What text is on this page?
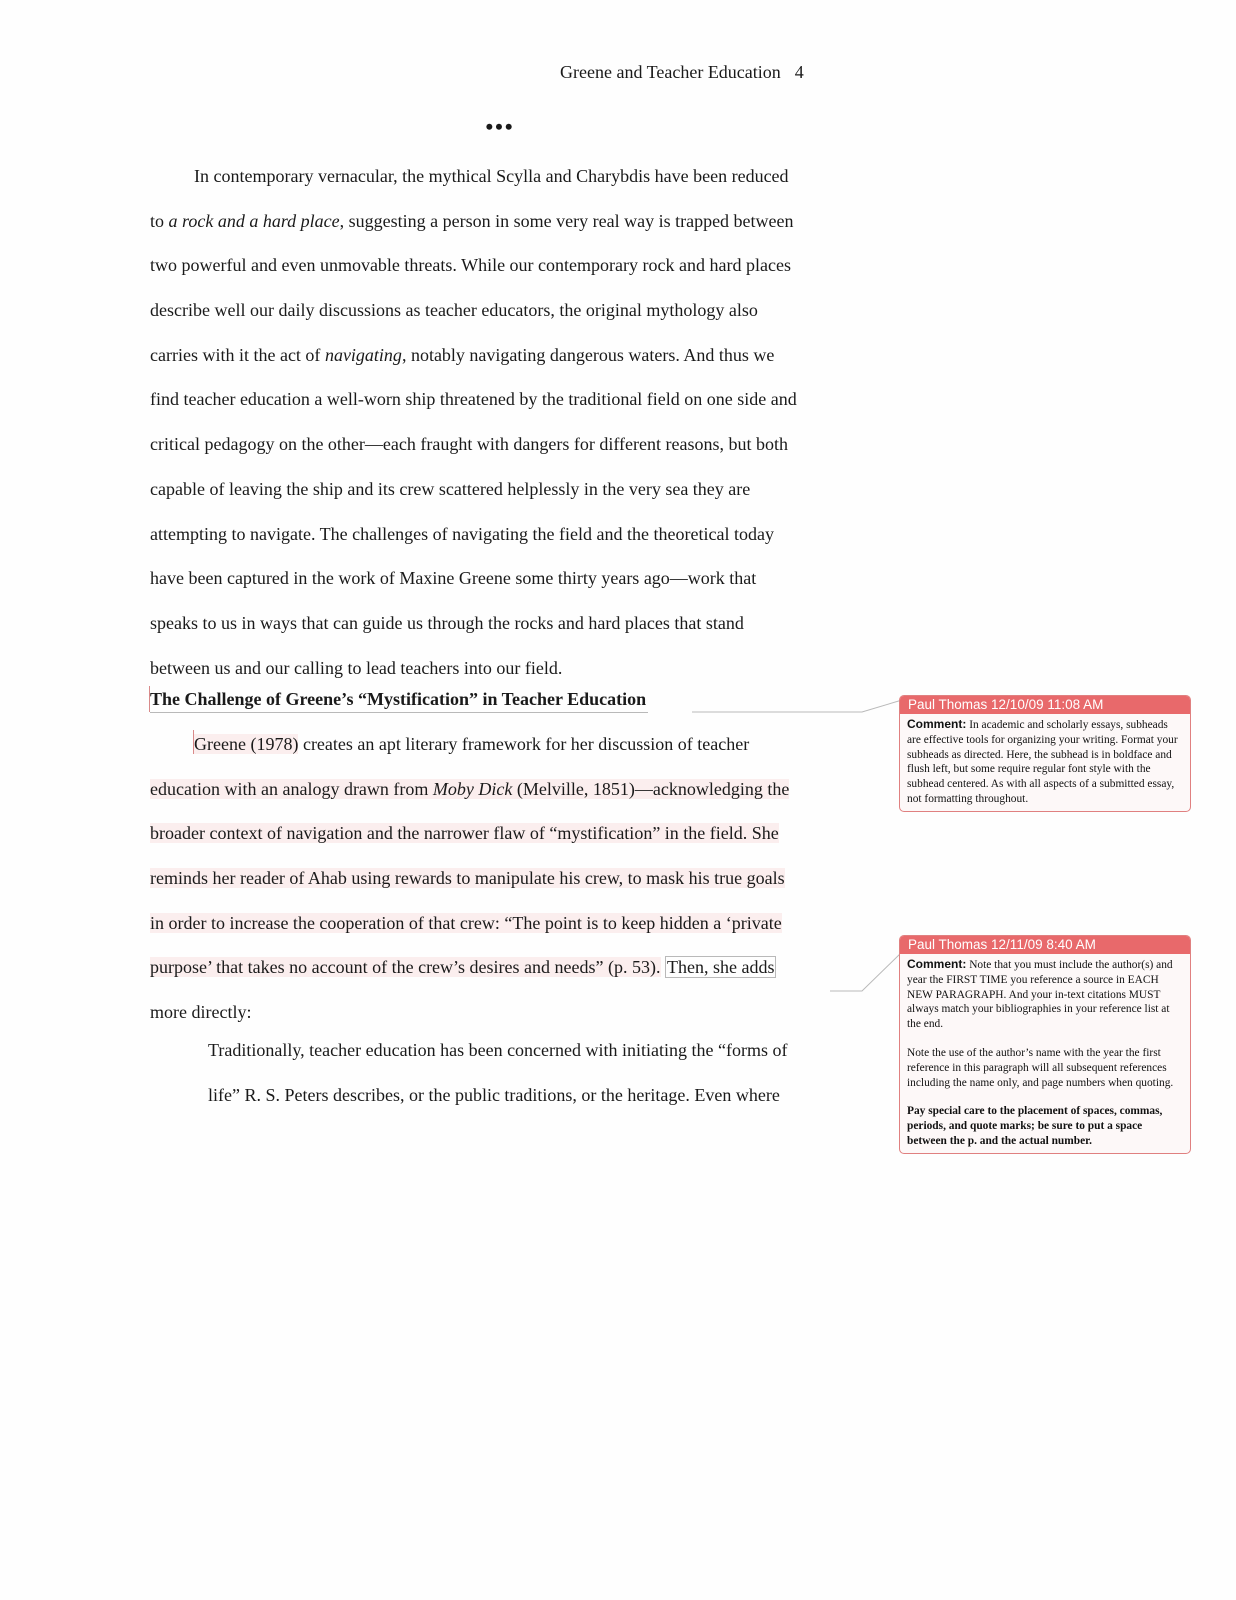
Greene and Teacher Education 4
•••
In contemporary vernacular, the mythical Scylla and Charybdis have been reduced
to a rock and a hard place, suggesting a person in some very real way is trapped between
two powerful and even unmovable threats. While our contemporary rock and hard places
describe well our daily discussions as teacher educators, the original mythology also
carries with it the act of navigating, notably navigating dangerous waters. And thus we
find teacher education a well-worn ship threatened by the traditional field on one side and
critical pedagogy on the other—each fraught with dangers for different reasons, but both
capable of leaving the ship and its crew scattered helplessly in the very sea they are
attempting to navigate. The challenges of navigating the field and the theoretical today
have been captured in the work of Maxine Greene some thirty years ago—work that
speaks to us in ways that can guide us through the rocks and hard places that stand
between us and our calling to lead teachers into our field.
The Challenge of Greene’s “Mystification” in Teacher Education
Greene (1978) creates an apt literary framework for her discussion of teacher
education with an analogy drawn from Moby Dick (Melville, 1851)—acknowledging the
broader context of navigation and the narrower flaw of “mystification” in the field. She
reminds her reader of Ahab using rewards to manipulate his crew, to mask his true goals
in order to increase the cooperation of that crew: “The point is to keep hidden a ‘private
purpose’ that takes no account of the crew’s desires and needs” (p. 53). Then, she adds
more directly:
Traditionally, teacher education has been concerned with initiating the “forms of
life” R. S. Peters describes, or the public traditions, or the heritage. Even where
Paul Thomas 12/10/09 11:08 AM
Comment: In academic and scholarly essays, subheads are effective tools for organizing your writing. Format your subheads as directed. Here, the subhead is in boldface and flush left, but some require regular font style with the subhead centered. As with all aspects of a submitted essay, not formatting throughout.
Paul Thomas 12/11/09 8:40 AM
Comment: Note that you must include the author(s) and year the FIRST TIME you reference a source in EACH NEW PARAGRAPH. And your in-text citations MUST always match your bibliographies in your reference list at the end.
Note the use of the author’s name with the year the first reference in this paragraph will all subsequent references including the name only, and page numbers when quoting.
Pay special care to the placement of spaces, commas, periods, and quote marks; be sure to put a space between the p. and the actual number.
